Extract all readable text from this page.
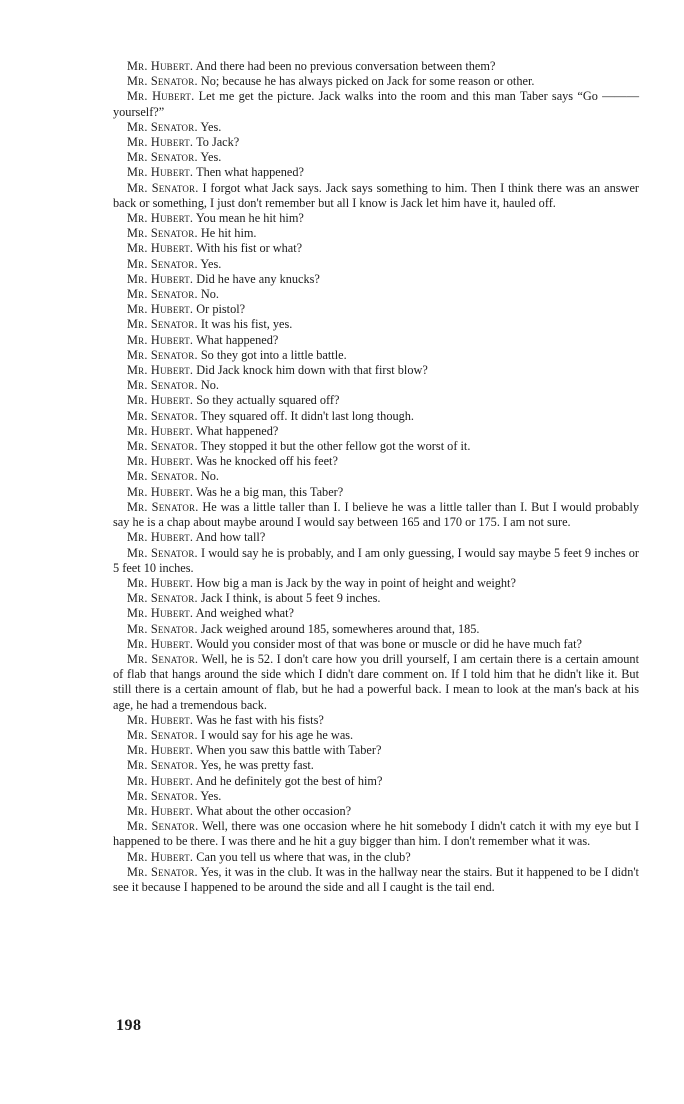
Mr. Hubert. And there had been no previous conversation between them?

Mr. Senator. No; because he has always picked on Jack for some reason or other.

Mr. Hubert. Let me get the picture. Jack walks into the room and this man Taber says “Go ——— yourself?”

Mr. Senator. Yes.

Mr. Hubert. To Jack?

Mr. Senator. Yes.

Mr. Hubert. Then what happened?

Mr. Senator. I forgot what Jack says. Jack says something to him. Then I think there was an answer back or something, I just don't remember but all I know is Jack let him have it, hauled off.

Mr. Hubert. You mean he hit him?

Mr. Senator. He hit him.

Mr. Hubert. With his fist or what?

Mr. Senator. Yes.

Mr. Hubert. Did he have any knucks?

Mr. Senator. No.

Mr. Hubert. Or pistol?

Mr. Senator. It was his fist, yes.

Mr. Hubert. What happened?

Mr. Senator. So they got into a little battle.

Mr. Hubert. Did Jack knock him down with that first blow?

Mr. Senator. No.

Mr. Hubert. So they actually squared off?

Mr. Senator. They squared off. It didn't last long though.

Mr. Hubert. What happened?

Mr. Senator. They stopped it but the other fellow got the worst of it.

Mr. Hubert. Was he knocked off his feet?

Mr. Senator. No.

Mr. Hubert. Was he a big man, this Taber?

Mr. Senator. He was a little taller than I. I believe he was a little taller than I. But I would probably say he is a chap about maybe around I would say between 165 and 170 or 175. I am not sure.

Mr. Hubert. And how tall?

Mr. Senator. I would say he is probably, and I am only guessing, I would say maybe 5 feet 9 inches or 5 feet 10 inches.

Mr. Hubert. How big a man is Jack by the way in point of height and weight?

Mr. Senator. Jack I think, is about 5 feet 9 inches.

Mr. Hubert. And weighed what?

Mr. Senator. Jack weighed around 185, somewheres around that, 185.

Mr. Hubert. Would you consider most of that was bone or muscle or did he have much fat?

Mr. Senator. Well, he is 52. I don't care how you drill yourself, I am certain there is a certain amount of flab that hangs around the side which I didn't dare comment on. If I told him that he didn't like it. But still there is a certain amount of flab, but he had a powerful back. I mean to look at the man's back at his age, he had a tremendous back.

Mr. Hubert. Was he fast with his fists?

Mr. Senator. I would say for his age he was.

Mr. Hubert. When you saw this battle with Taber?

Mr. Senator. Yes, he was pretty fast.

Mr. Hubert. And he definitely got the best of him?

Mr. Senator. Yes.

Mr. Hubert. What about the other occasion?

Mr. Senator. Well, there was one occasion where he hit somebody I didn't catch it with my eye but I happened to be there. I was there and he hit a guy bigger than him. I don't remember what it was.

Mr. Hubert. Can you tell us where that was, in the club?

Mr. Senator. Yes, it was in the club. It was in the hallway near the stairs. But it happened to be I didn't see it because I happened to be around the side and all I caught is the tail end.

198
